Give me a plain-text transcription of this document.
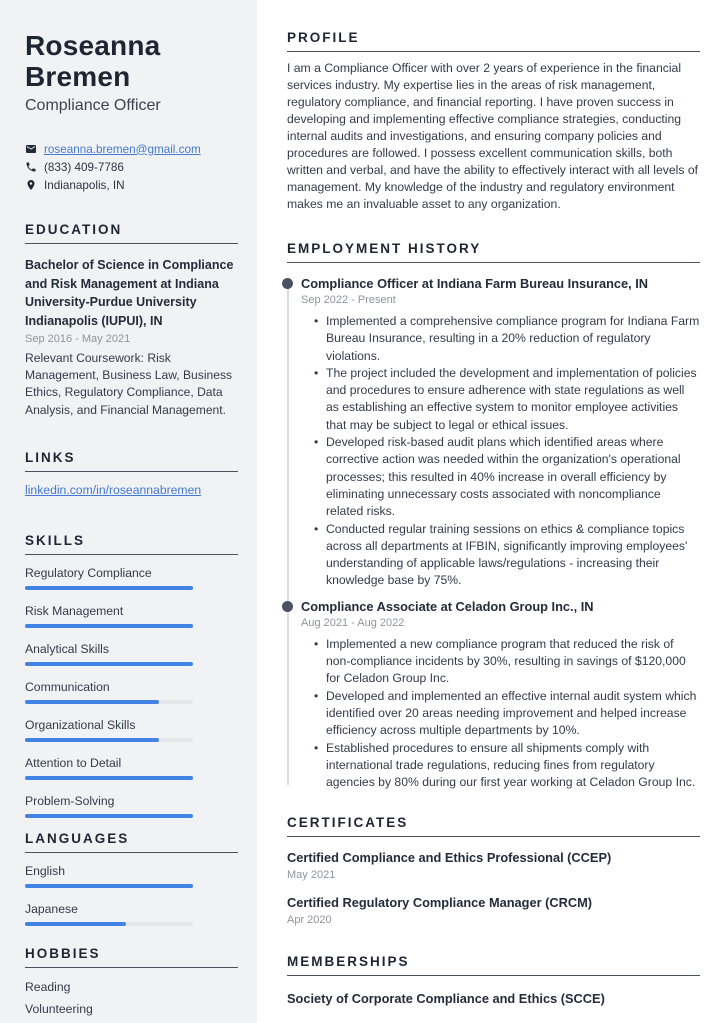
Roseanna Bremen
Compliance Officer
roseanna.bremen@gmail.com
(833) 409-7786
Indianapolis, IN
EDUCATION
Bachelor of Science in Compliance and Risk Management at Indiana University-Purdue University Indianapolis (IUPUI), IN
Sep 2016 - May 2021
Relevant Coursework: Risk Management, Business Law, Business Ethics, Regulatory Compliance, Data Analysis, and Financial Management.
LINKS
linkedin.com/in/roseannabremen
SKILLS
Regulatory Compliance
Risk Management
Analytical Skills
Communication
Organizational Skills
Attention to Detail
Problem-Solving
LANGUAGES
English
Japanese
HOBBIES
Reading
Volunteering
PROFILE

I am a Compliance Officer with over 2 years of experience in the financial services industry. My expertise lies in the areas of risk management, regulatory compliance, and financial reporting. I have proven success in developing and implementing effective compliance strategies, conducting internal audits and investigations, and ensuring company policies and procedures are followed. I possess excellent communication skills, both written and verbal, and have the ability to effectively interact with all levels of management. My knowledge of the industry and regulatory environment makes me an invaluable asset to any organization.

EMPLOYMENT HISTORY
Compliance Officer at Indiana Farm Bureau Insurance, IN
Sep 2022 - Present
• Implemented a comprehensive compliance program for Indiana Farm Bureau Insurance, resulting in a 20% reduction of regulatory violations.
• The project included the development and implementation of policies and procedures to ensure adherence with state regulations as well as establishing an effective system to monitor employee activities that may be subject to legal or ethical issues.
• Developed risk-based audit plans which identified areas where corrective action was needed within the organization's operational processes; this resulted in 40% increase in overall efficiency by eliminating unnecessary costs associated with noncompliance related risks.
• Conducted regular training sessions on ethics & compliance topics across all departments at IFBIN, significantly improving employees' understanding of applicable laws/regulations - increasing their knowledge base by 75%.
Compliance Associate at Celadon Group Inc., IN
Aug 2021 - Aug 2022
• Implemented a new compliance program that reduced the risk of non-compliance incidents by 30%, resulting in savings of $120,000 for Celadon Group Inc.
• Developed and implemented an effective internal audit system which identified over 20 areas needing improvement and helped increase efficiency across multiple departments by 10%.
• Established procedures to ensure all shipments comply with international trade regulations, reducing fines from regulatory agencies by 80% during our first year working at Celadon Group Inc.
CERTIFICATES
Certified Compliance and Ethics Professional (CCEP)
May 2021
Certified Regulatory Compliance Manager (CRCM)
Apr 2020
MEMBERSHIPS
Society of Corporate Compliance and Ethics (SCCE)
